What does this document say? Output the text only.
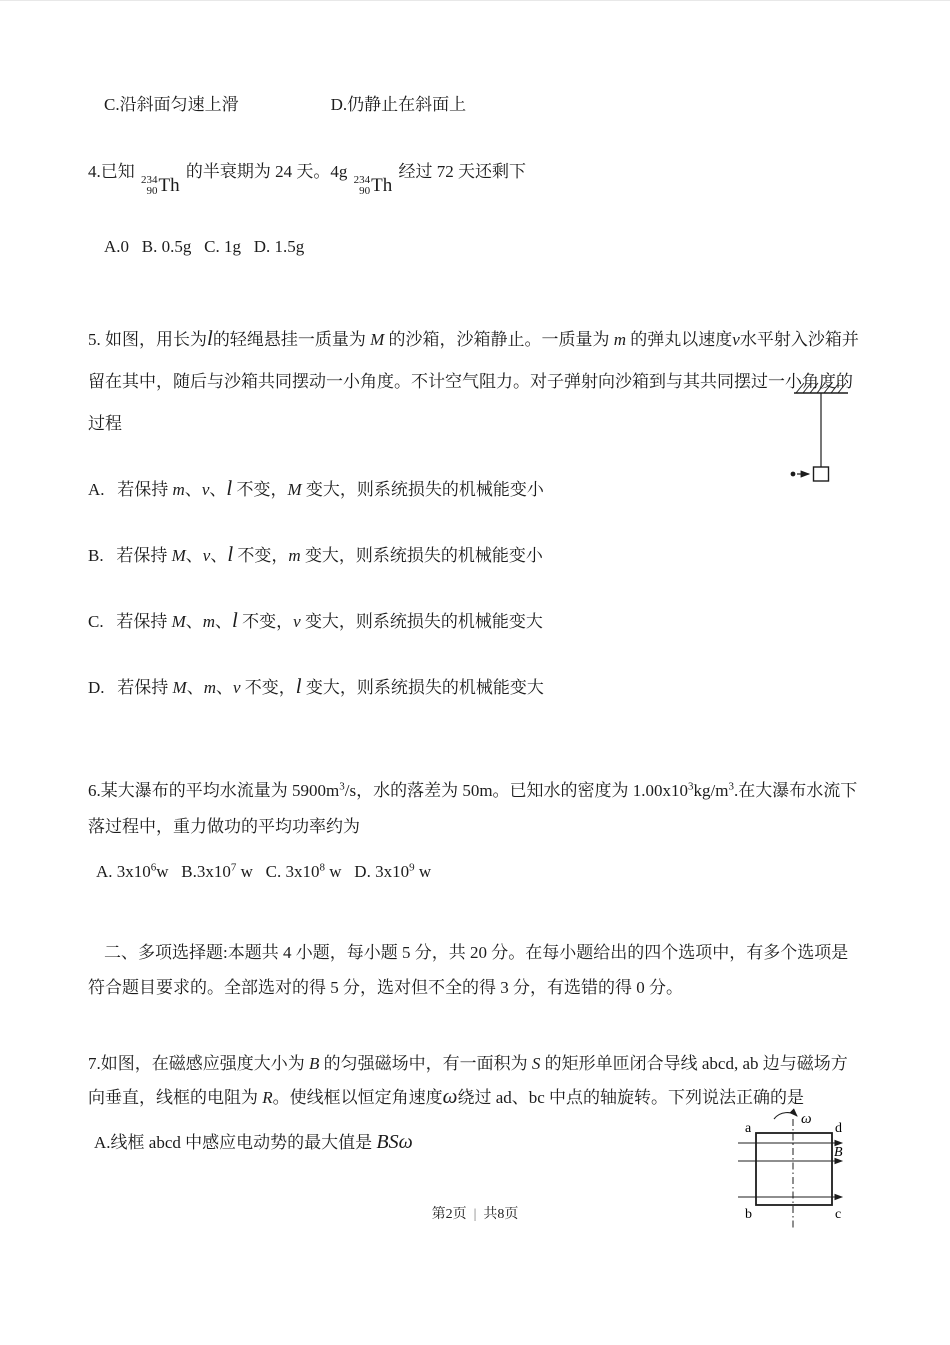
C.沿斜面匀速上滑	D.仍静止在斜面上

4.已知 234
90 Th
的半衰期为 24 天。4g 234
90 Th
经过 72 天还剩下

A.0   B. 0.5g   C. 1g   D. 1.5g

5. 如图，用长为l的轻绳悬挂一质量为 M 的沙箱，沙箱静止。一质量为 m 的弹丸以速度v水平射入沙箱并留在其中，随后与沙箱共同摆动一小角度。不计空气阻力。对子弹射向沙箱到与其共同摆过一小角度的过程

A.   若保持 m、v、l 不变，M 变大，则系统损失的机械能变小

B.   若保持 M、v、l 不变，m 变大，则系统损失的机械能变小

C.   若保持 M、m、l 不变，v 变大，则系统损失的机械能变大

D.   若保持 M、m、v 不变，l 变大，则系统损失的机械能变大

6.某大瀑布的平均水流量为 $5900m^3/s$，水的落差为 50m。已知水的密度为 $1.00x10^3kg/m^3$.在大瀑布水流下落过程中，重力做功的平均功率约为

A. $3x10^6w$   $B.3x10^7$ w   C. $3x10^8$ w   D. $3x10^9$ w

二、多项选择题:本题共 4 小题，每小题 5 分，共 20 分。在每小题给出的四个选项中，有多个选项是符合题目要求的。全部选对的得 5 分，选对但不全的得 3 分，有选错的得 0 分。

7.如图，在磁感应强度大小为 B 的匀强磁场中，有一面积为 S 的矩形单匝闭合导线 abcd, ab 边与磁场方向垂直，线框的电阻为 R。使线框以恒定角速度ω绕过 ad、bc 中点的轴旋转。下列说法正确的是

A.线框 abcd 中感应电动势的最大值是 BSω

ω
B
a	d
b	c
第2页 | 共8页
